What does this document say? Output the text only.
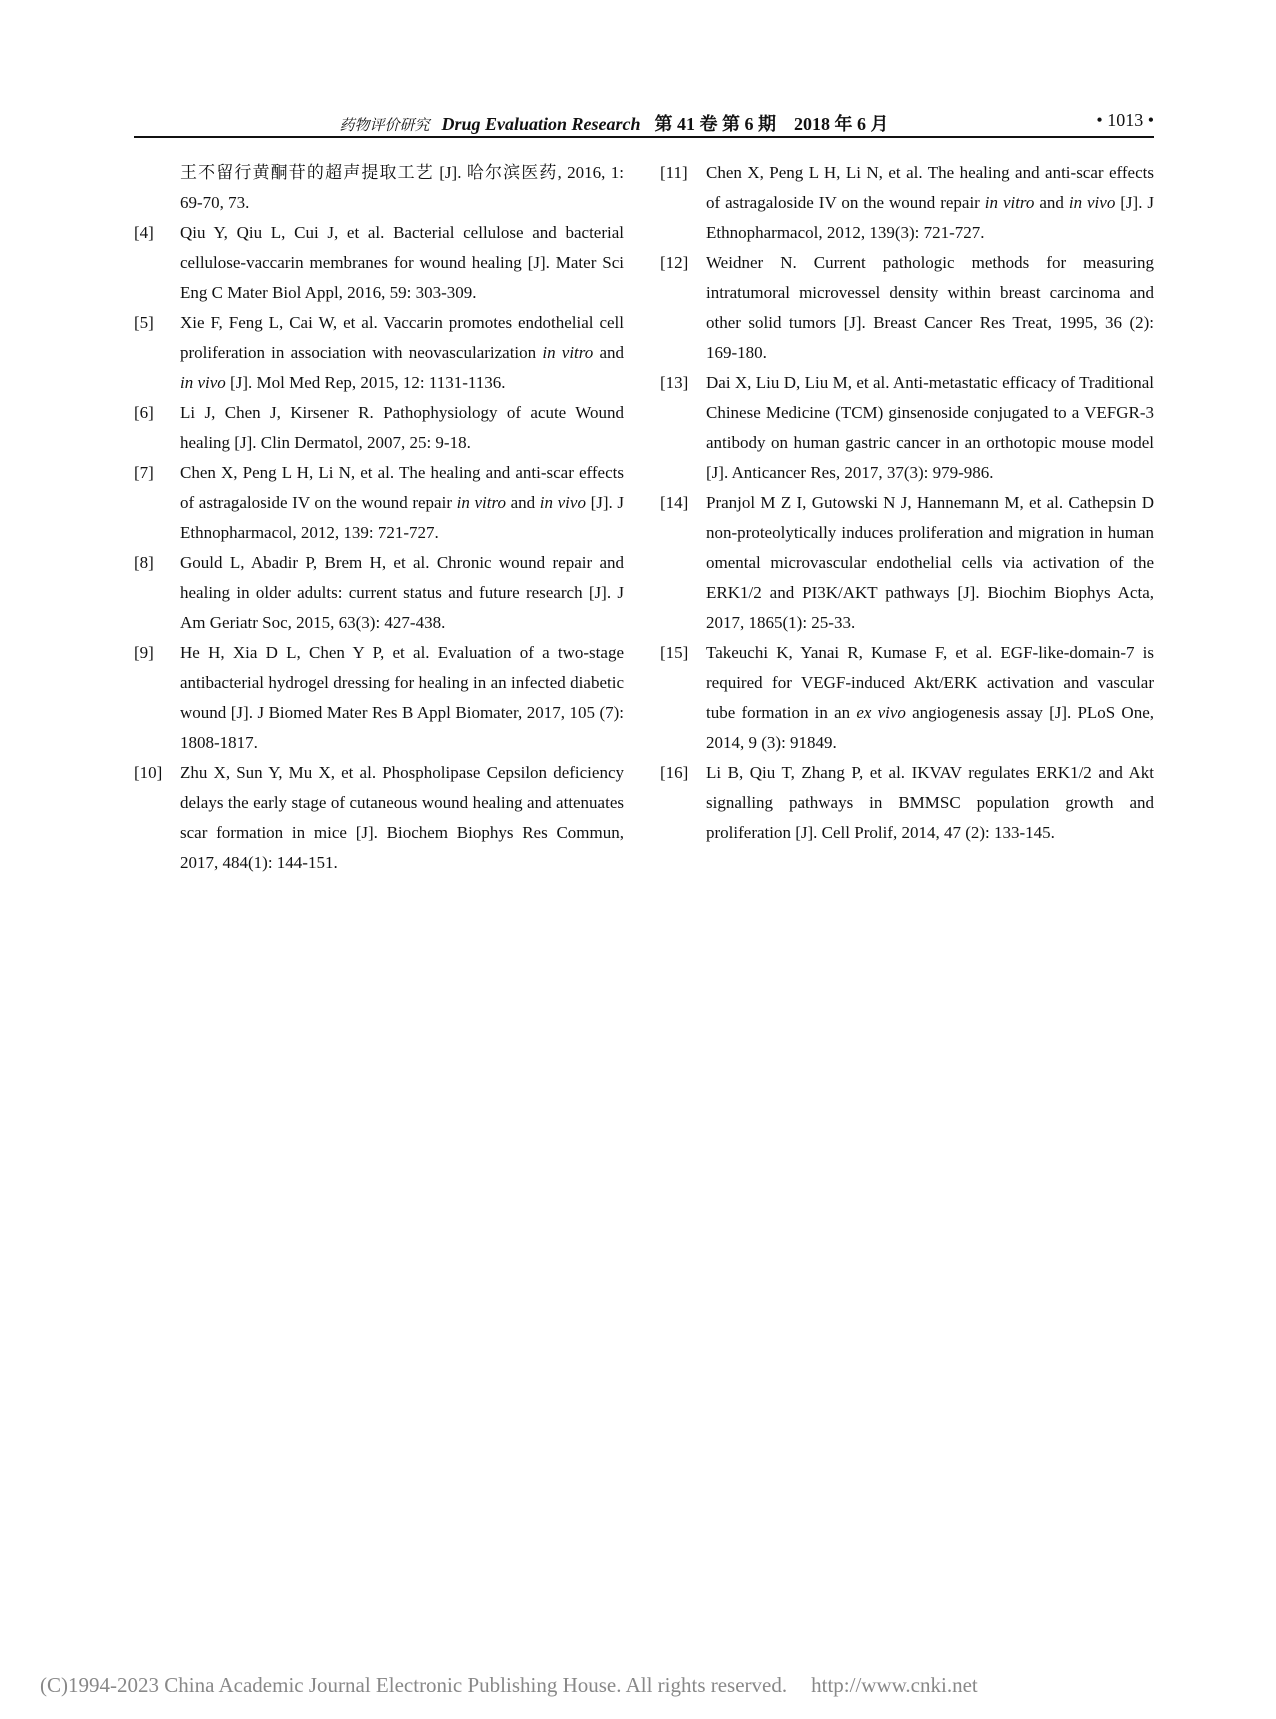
药物评价研究 Drug Evaluation Research 第 41 卷 第 6 期　2018 年 6 月	• 1013 •
王不留行黄酮苷的超声提取工艺 [J]. 哈尔滨医药, 2016, 1: 69-70, 73.
[4] Qiu Y, Qiu L, Cui J, et al. Bacterial cellulose and bacterial cellulose-vaccarin membranes for wound healing [J]. Mater Sci Eng C Mater Biol Appl, 2016, 59: 303-309.
[5] Xie F, Feng L, Cai W, et al. Vaccarin promotes endothelial cell proliferation in association with neovascularization in vitro and in vivo [J]. Mol Med Rep, 2015, 12: 1131-1136.
[6] Li J, Chen J, Kirsener R. Pathophysiology of acute Wound healing [J]. Clin Dermatol, 2007, 25: 9-18.
[7] Chen X, Peng L H, Li N, et al. The healing and anti-scar effects of astragaloside IV on the wound repair in vitro and in vivo [J]. J Ethnopharmacol, 2012, 139: 721-727.
[8] Gould L, Abadir P, Brem H, et al. Chronic wound repair and healing in older adults: current status and future research [J]. J Am Geriatr Soc, 2015, 63(3): 427-438.
[9] He H, Xia D L, Chen Y P, et al. Evaluation of a two-stage antibacterial hydrogel dressing for healing in an infected diabetic wound [J]. J Biomed Mater Res B Appl Biomater, 2017, 105 (7): 1808-1817.
[10] Zhu X, Sun Y, Mu X, et al. Phospholipase Cepsilon deficiency delays the early stage of cutaneous wound healing and attenuates scar formation in mice [J]. Biochem Biophys Res Commun, 2017, 484(1): 144-151.
[11] Chen X, Peng L H, Li N, et al. The healing and anti-scar effects of astragaloside IV on the wound repair in vitro and in vivo [J]. J Ethnopharmacol, 2012, 139(3): 721-727.
[12] Weidner N. Current pathologic methods for measuring intratumoral microvessel density within breast carcinoma and other solid tumors [J]. Breast Cancer Res Treat, 1995, 36 (2): 169-180.
[13] Dai X, Liu D, Liu M, et al. Anti-metastatic efficacy of Traditional Chinese Medicine (TCM) ginsenoside conjugated to a VEFGR-3 antibody on human gastric cancer in an orthotopic mouse model [J]. Anticancer Res, 2017, 37(3): 979-986.
[14] Pranjol M Z I, Gutowski N J, Hannemann M, et al. Cathepsin D non-proteolytically induces proliferation and migration in human omental microvascular endothelial cells via activation of the ERK1/2 and PI3K/AKT pathways [J]. Biochim Biophys Acta, 2017, 1865(1): 25-33.
[15] Takeuchi K, Yanai R, Kumase F, et al. EGF-like-domain-7 is required for VEGF-induced Akt/ERK activation and vascular tube formation in an ex vivo angiogenesis assay [J]. PLoS One, 2014, 9 (3): 91849.
[16] Li B, Qiu T, Zhang P, et al. IKVAV regulates ERK1/2 and Akt signalling pathways in BMMSC population growth and proliferation [J]. Cell Prolif, 2014, 47 (2): 133-145.
(C)1994-2023 China Academic Journal Electronic Publishing House. All rights reserved. http://www.cnki.net
